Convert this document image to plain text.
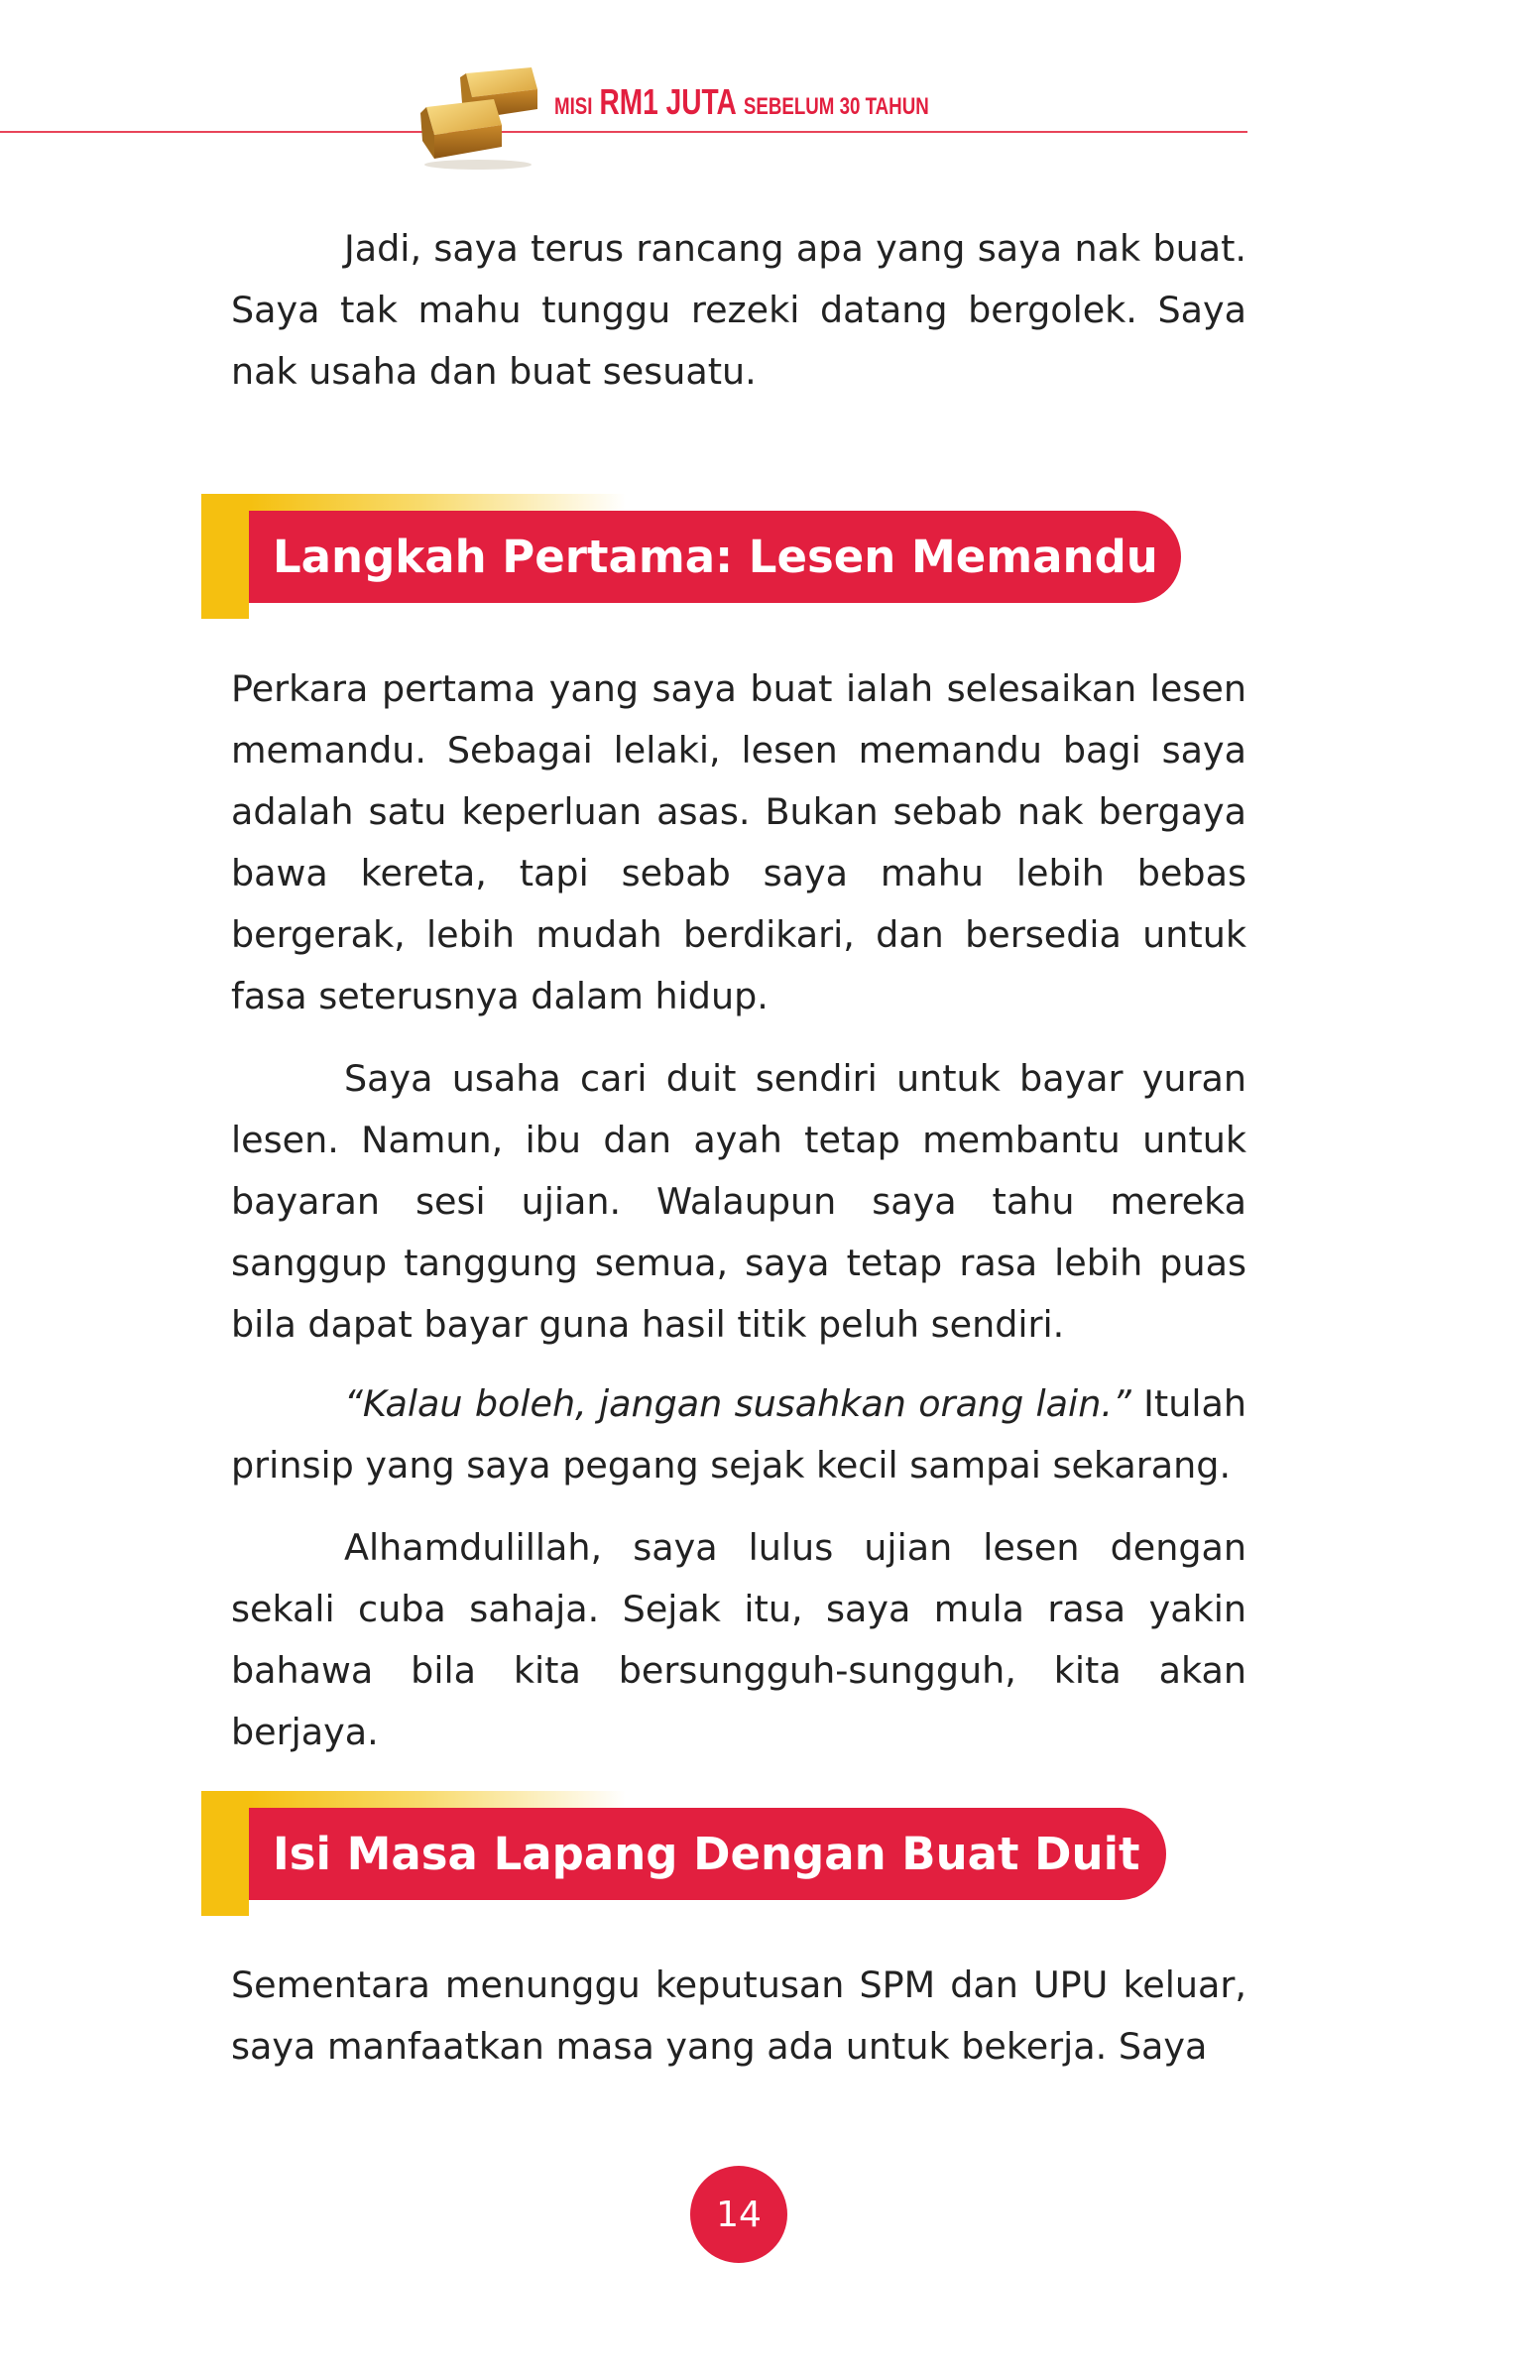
MISI RM1 JUTA SEBELUM 30 TAHUN

Jadi, saya terus rancang apa yang saya nak buat. Saya tak mahu tunggu rezeki datang bergolek. Saya nak usaha dan buat sesuatu.

Langkah Pertama: Lesen Memandu

Perkara pertama yang saya buat ialah selesaikan lesen memandu. Sebagai lelaki, lesen memandu bagi saya adalah satu keperluan asas. Bukan sebab nak bergaya bawa kereta, tapi sebab saya mahu lebih bebas bergerak, lebih mudah berdikari, dan bersedia untuk fasa seterusnya dalam hidup.

Saya usaha cari duit sendiri untuk bayar yuran lesen. Namun, ibu dan ayah tetap membantu untuk bayaran sesi ujian. Walaupun saya tahu mereka sanggup tanggung semua, saya tetap rasa lebih puas bila dapat bayar guna hasil titik peluh sendiri.

“Kalau boleh, jangan susahkan orang lain.” Itulah prinsip yang saya pegang sejak kecil sampai sekarang.

Alhamdulillah, saya lulus ujian lesen dengan sekali cuba sahaja. Sejak itu, saya mula rasa yakin bahawa bila kita bersungguh-sungguh, kita akan berjaya.

Isi Masa Lapang Dengan Buat Duit

Sementara menunggu keputusan SPM dan UPU keluar, saya manfaatkan masa yang ada untuk bekerja. Saya

14
